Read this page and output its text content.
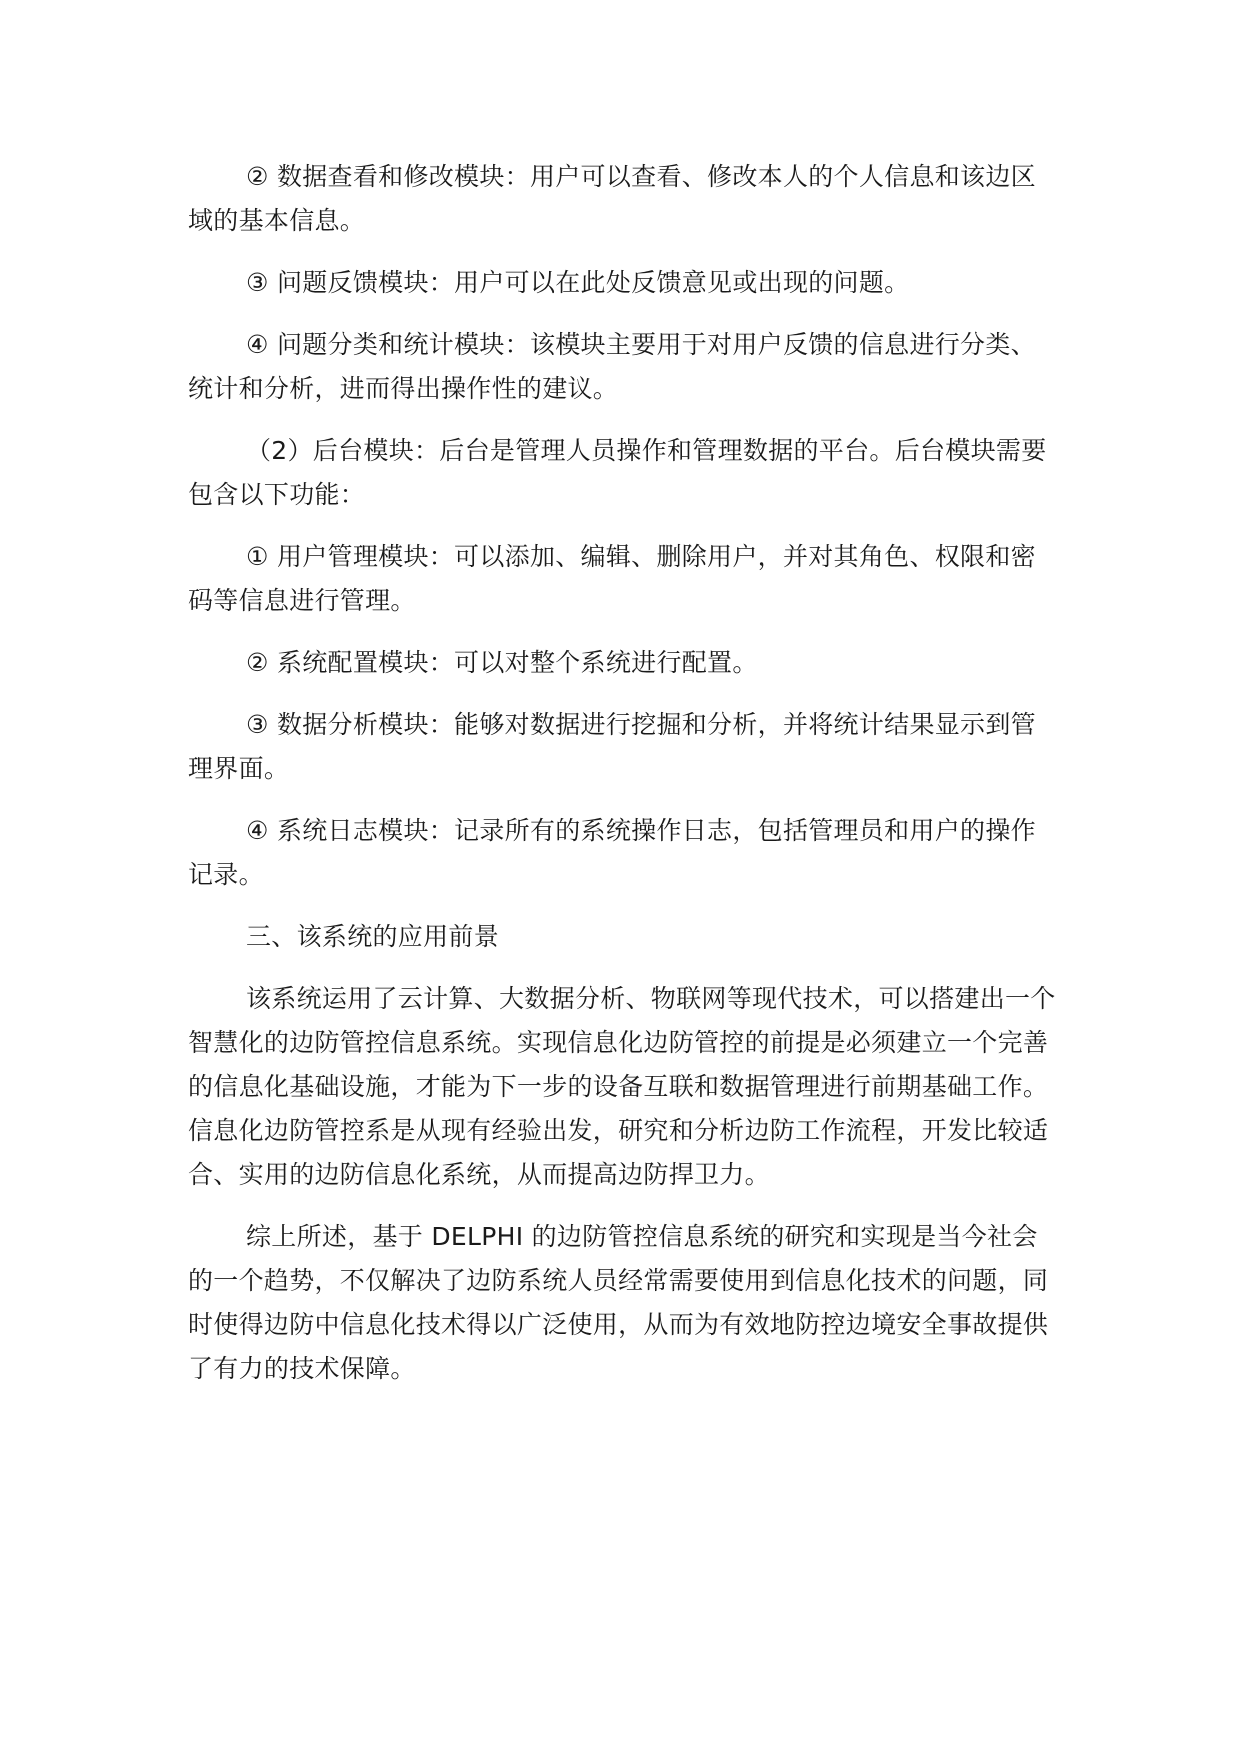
② 数据查看和修改模块：用户可以查看、修改本人的个人信息和该边区域的基本信息。

③ 问题反馈模块：用户可以在此处反馈意见或出现的问题。

④ 问题分类和统计模块：该模块主要用于对用户反馈的信息进行分类、统计和分析，进而得出操作性的建议。

（2）后台模块：后台是管理人员操作和管理数据的平台。后台模块需要包含以下功能：

① 用户管理模块：可以添加、编辑、删除用户，并对其角色、权限和密码等信息进行管理。

② 系统配置模块：可以对整个系统进行配置。

③ 数据分析模块：能够对数据进行挖掘和分析，并将统计结果显示到管理界面。

④ 系统日志模块：记录所有的系统操作日志，包括管理员和用户的操作记录。

三、该系统的应用前景

该系统运用了云计算、大数据分析、物联网等现代技术，可以搭建出一个智慧化的边防管控信息系统。实现信息化边防管控的前提是必须建立一个完善的信息化基础设施，才能为下一步的设备互联和数据管理进行前期基础工作。信息化边防管控系是从现有经验出发，研究和分析边防工作流程，开发比较适合、实用的边防信息化系统，从而提高边防捍卫力。

综上所述，基于 DELPHI 的边防管控信息系统的研究和实现是当今社会的一个趋势，不仅解决了边防系统人员经常需要使用到信息化技术的问题，同时使得边防中信息化技术得以广泛使用，从而为有效地防控边境安全事故提供了有力的技术保障。
